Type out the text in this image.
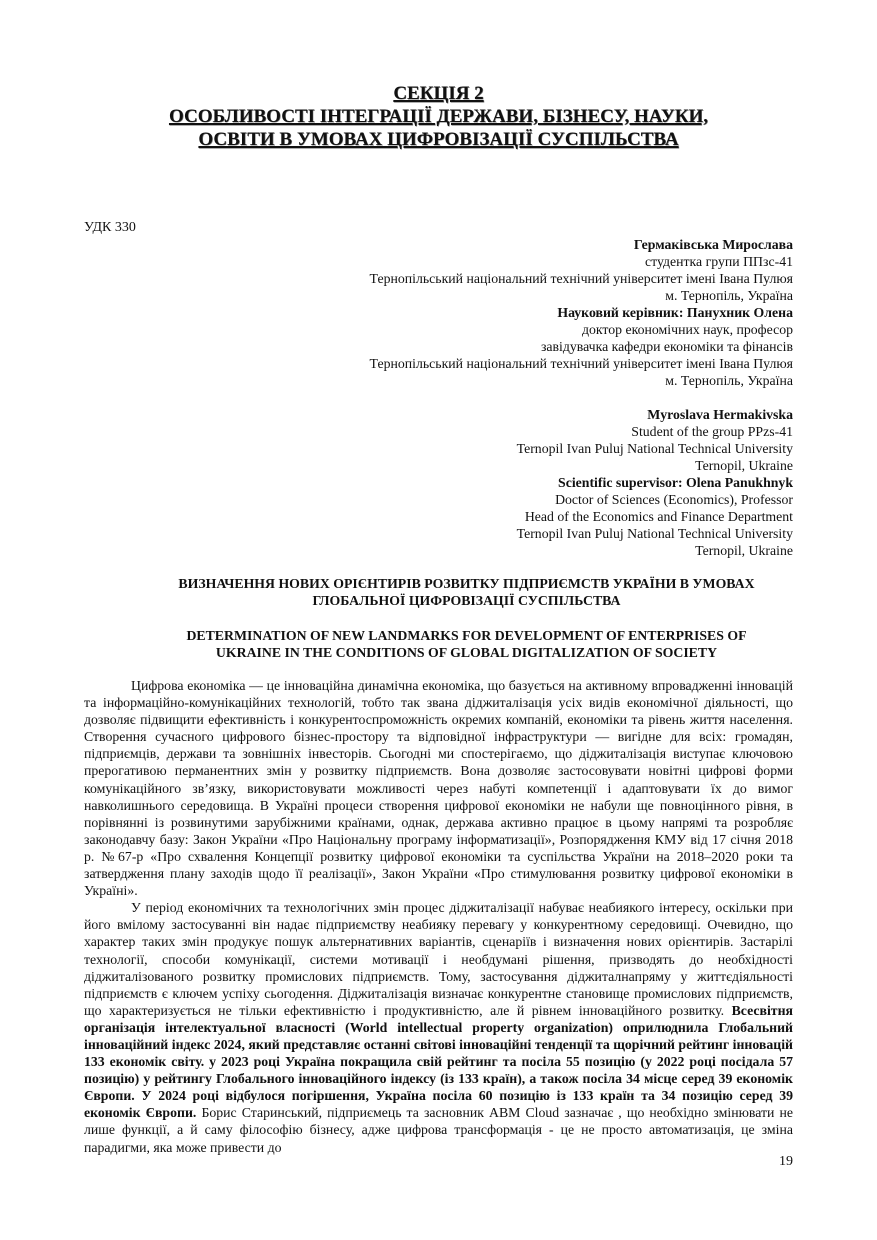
СЕКЦІЯ 2
ОСОБЛИВОСТІ ІНТЕГРАЦІЇ ДЕРЖАВИ, БІЗНЕСУ, НАУКИ,
ОСВІТИ В УМОВАХ ЦИФРОВІЗАЦІЇ СУСПІЛЬСТВА
УДК 330
Гермаківська Мирослава
студентка групи ППзс-41
Тернопільський національний технічний університет імені Івана Пулюя
м. Тернопіль, Україна
Науковий керівник: Панухник Олена
доктор економічних наук, професор
завідувачка кафедри економіки та фінансів
Тернопільський національний технічний університет імені Івана Пулюя
м. Тернопіль, Україна
Myroslava Hermakivska
Student of the group PPzs-41
Ternopil Ivan Puluj National Technical University
Ternopil, Ukraine
Scientific supervisor: Olena Panukhnyk
Doctor of Sciences (Economics), Professor
Head of the Economics and Finance Department
Ternopil Ivan Puluj National Technical University
Ternopil, Ukraine
ВИЗНАЧЕННЯ НОВИХ ОРІЄНТИРІВ РОЗВИТКУ ПІДПРИЄМСТВ УКРАЇНИ В УМОВАХ
ГЛОБАЛЬНОЇ ЦИФРОВІЗАЦІЇ СУСПІЛЬСТВА
DETERMINATION OF NEW LANDMARKS FOR DEVELOPMENT OF ENTERPRISES OF
UKRAINE IN THE CONDITIONS OF GLOBAL DIGITALIZATION OF SOCIETY

Цифрова економіка — це інноваційна динамічна економіка, що базується на активному впровадженні інновацій та інформаційно-комунікаційних технологій, тобто так звана діджиталізація усіх видів економічної діяльності, що дозволяє підвищити ефективність і конкурентоспроможність окремих компаній, економіки та рівень життя населення. Створення сучасного цифрового бізнес-простору та відповідної інфраструктури — вигідне для всіх: громадян, підприємців, держави та зовнішніх інвесторів. Сьогодні ми спостерігаємо, що діджиталізація виступає ключовою прерогативою перманентних змін у розвитку підприємств. Вона дозволяє застосовувати новітні цифрові форми комунікаційного зв’язку, використовувати можливості через набуті компетенції і адаптовувати їх до вимог навколишнього середовища. В Україні процеси створення цифрової економіки не набули ще повноцінного рівня, в порівнянні із розвинутими зарубіжними країнами, однак, держава активно працює в цьому напрямі та розробляє законодавчу базу: Закон України «Про Національну програму інформатизації», Розпорядження КМУ від 17 січня 2018 р. №67-р «Про схвалення Концепції розвитку цифрової економіки та суспільства України на 2018–2020 роки та затвердження плану заходів щодо її реалізації», Закон України «Про стимулювання розвитку цифрової економіки в Україні».

У період економічних та технологічних змін процес діджиталізації набуває неабиякого інтересу, оскільки при його вмілому застосуванні він надає підприємству неабияку перевагу у конкурентному середовищі. Очевидно, що характер таких змін продукує пошук альтернативних варіантів, сценаріїв і визначення нових орієнтирів. Застарілі технології, способи комунікації, системи мотивації і необдумані рішення, призводять до необхідності діджиталізованого розвитку промислових підприємств. Тому, застосування діджиталнапряму у життєдіяльності підприємств є ключем успіху сьогодення. Діджиталізація визначає конкурентне становище промислових підприємств, що характеризується не тільки ефективністю і продуктивністю, але й рівнем інноваційного розвитку. Всесвітня організація інтелектуальної власності (World intellectual property organization) оприлюднила Глобальний інноваційний індекс 2024, який представляє останні світові інноваційні тенденції та щорічний рейтинг інновацій 133 економік світу. у 2023 році Україна покращила свій рейтинг та посіла 55 позицію (у 2022 році посідала 57 позицію) у рейтингу Глобального інноваційного індексу (із 133 країн), а також посіла 34 місце серед 39 економік Європи. У 2024 році відбулося погіршення, Україна посіла 60 позицію із 133 країн та 34 позицію серед 39 економік Європи. Борис Старинський, підприємець та засновник ABM Cloud зазначає , що необхідно змінювати не лише функції, а й саму філософію бізнесу, адже цифрова трансформація - це не просто автоматизація, це зміна парадигми, яка може привести до

19
